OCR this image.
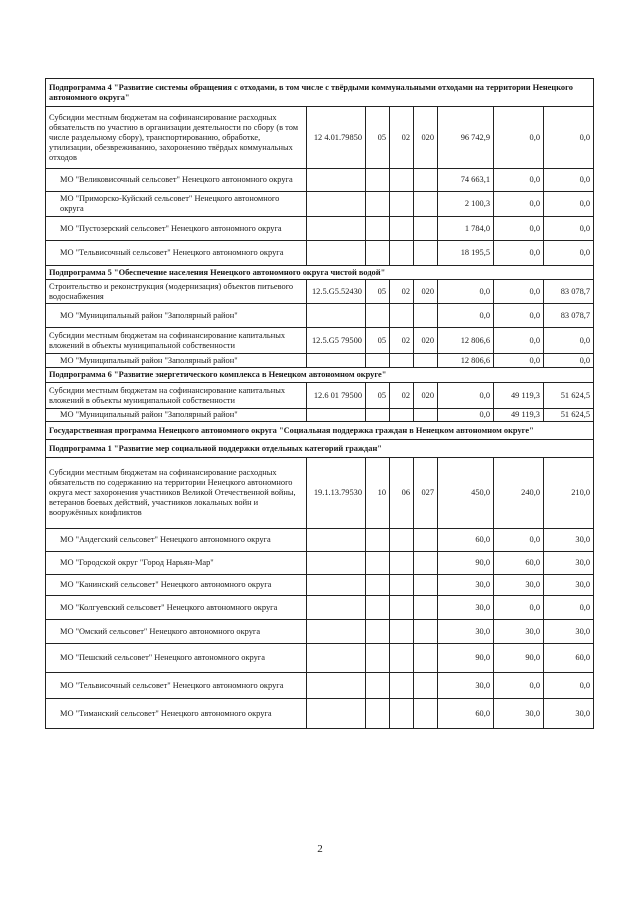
Подпрограмма 4 "Развитие системы обращения с отходами, в том числе с твёрдыми коммунальными отходами на территории Ненецкого автономного округа"							
Субсидии местным бюджетам на софинансирование расходных обязательств по участию в организации деятельности по сбору (в том числе раздельному сбору), транспортированию, обработке, утилизации, обезвреживанию, захоронению твёрдых коммунальных отходов	12 4.01.79850	05	02	020	96 742,9	0,0	0,0
МО "Великовисочный сельсовет" Ненецкого автономного округа					74 663,1	0,0	0,0
МО "Приморско-Куйский сельсовет" Ненецкого автономного округа					2 100,3	0,0	0,0
МО "Пустозерский сельсовет" Ненецкого автономного округа					1 784,0	0,0	0,0
МО "Тельвисочный сельсовет" Ненецкого автономного округа					18 195,5	0,0	0,0
Подпрограмма 5 "Обеспечение населения Ненецкого автономного округа чистой водой"							
Строительство и реконструкция (модернизация) объектов питьевого водоснабжения	12.5.G5.52430	05	02	020	0,0	0,0	83 078,7
МО "Муниципальный район "Заполярный район"					0,0	0,0	83 078,7
Субсидии местным бюджетам на софинансирование капитальных вложений в объекты муниципальной собственности	12.5.G5 79500	05	02	020	12 806,6	0,0	0,0
МО "Муниципальный район "Заполярный район"					12 806,6	0,0	0,0
Подпрограмма 6 "Развитие энергетического комплекса в Ненецком автономном округе"							
Субсидии местным бюджетам на софинансирование капитальных вложений в объекты муниципальной собственности	12.6 01 79500	05	02	020	0,0	49 119,3	51 624,5
МО "Муниципальный район "Заполярный район"					0,0	49 119,3	51 624,5
Государственная программа Ненецкого автономного округа "Социальная поддержка граждан в Ненецком автономном округе"							
Подпрограмма 1 "Развитие мер социальной поддержки отдельных категорий граждан"							
Субсидии местным бюджетам на софинансирование расходных обязательств по содержанию на территории Ненецкого автономного округа мест захоронения участников Великой Отечественной войны, ветеранов боевых действий, участников локальных войн и вооружённых конфликтов	19.1.13.79530	10	06	027	450,0	240,0	210,0
МО "Андегский сельсовет" Ненецкого автономного округа					60,0	0,0	30,0
МО "Городской округ "Город Нарьян-Мар"					90,0	60,0	30,0
МО "Канинский сельсовет" Ненецкого автономного округа					30,0	30,0	30,0
МО "Колгуевский сельсовет" Ненецкого автономного округа					30,0	0,0	0,0
МО "Омский сельсовет" Ненецкого автономного округа					30,0	30,0	30,0
МО "Пешский сельсовет" Ненецкого автономного округа					90,0	90,0	60,0
МО "Тельвисочный сельсовет" Ненецкого автономного округа					30,0	0,0	0,0
МО "Тиманский сельсовет" Ненецкого автономного округа					60,0	30,0	30,0
2
